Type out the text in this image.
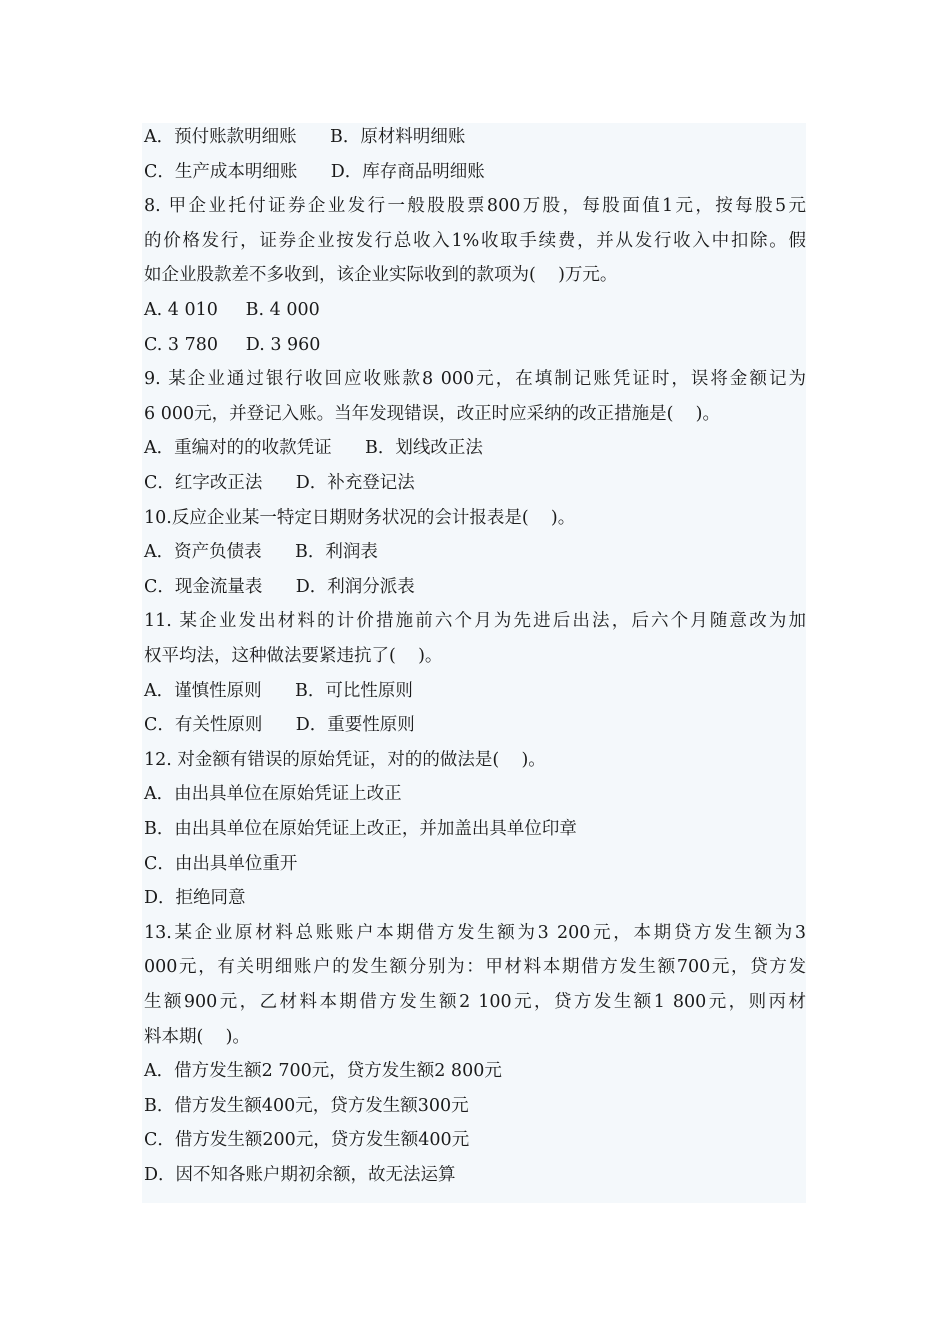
A．预付账款明细账      B．原材料明细账
C．生产成本明细账      D．库存商品明细账
8. 甲企业托付证券企业发行一般股股票800万股，每股面值1元，按每股5元
的价格发行，证券企业按发行总收入1%收取手续费，并从发行收入中扣除。假
如企业股款差不多收到，该企业实际收到的款项为(    )万元。
A. 4 010     B. 4 000
C. 3 780     D. 3 960
9. 某企业通过银行收回应收账款8 000元，在填制记账凭证时，误将金额记为
6 000元，并登记入账。当年发现错误，改正时应采纳的改正措施是(    )。
A．重编对的的收款凭证      B．划线改正法
C．红字改正法      D．补充登记法
10.反应企业某一特定日期财务状况的会计报表是(    )。
A．资产负债表      B．利润表
C．现金流量表      D．利润分派表
11. 某企业发出材料的计价措施前六个月为先进后出法，后六个月随意改为加
权平均法，这种做法要紧违抗了(    )。
A．谨慎性原则      B．可比性原则
C．有关性原则      D．重要性原则
12. 对金额有错误的原始凭证，对的的做法是(    )。
A．由出具单位在原始凭证上改正
B．由出具单位在原始凭证上改正，并加盖出具单位印章
C．由出具单位重开
D．拒绝同意
13.某企业原材料总账账户本期借方发生额为3 200元，本期贷方发生额为3
000元，有关明细账户的发生额分别为：甲材料本期借方发生额700元，贷方发
生额900元，乙材料本期借方发生额2 100元，贷方发生额1 800元，则丙材
料本期(    )。
A．借方发生额2 700元，贷方发生额2 800元
B．借方发生额400元，贷方发生额300元
C．借方发生额200元，贷方发生额400元
D．因不知各账户期初余额，故无法运算
